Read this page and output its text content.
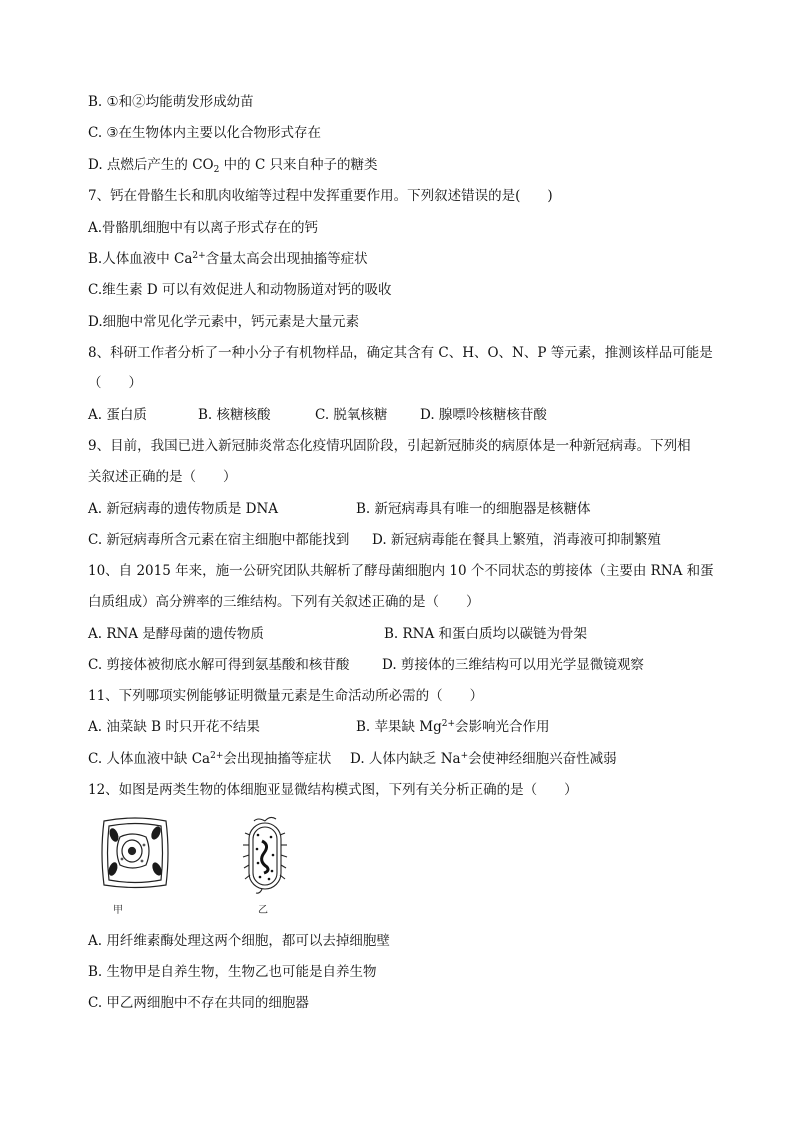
B. ①和②均能萌发形成幼苗
C. ③在生物体内主要以化合物形式存在
D. 点燃后产生的 $CO_2$ 中的 C 只来自种子的糖类
7、钙在骨骼生长和肌肉收缩等过程中发挥重要作用。下列叙述错误的是(　　)
A.骨骼肌细胞中有以离子形式存在的钙
B.人体血液中 $Ca^{2+}$含量太高会出现抽搐等症状
C.维生素 D 可以有效促进人和动物肠道对钙的吸收
D.细胞中常见化学元素中，钙元素是大量元素
8、科研工作者分析了一种小分子有机物样品，确定其含有 C、H、O、N、P 等元素，推测该样品可能是
（　　）
A. 蛋白质	B. 核糖核酸	C. 脱氧核糖 D. 腺嘌呤核糖核苷酸
9、目前，我国已进入新冠肺炎常态化疫情巩固阶段，引起新冠肺炎的病原体是一种新冠病毒。下列相
关叙述正确的是（　　）
A. 新冠病毒的遗传物质是 DNA	B. 新冠病毒具有唯一的细胞器是核糖体
C. 新冠病毒所含元素在宿主细胞中都能找到 D. 新冠病毒能在餐具上繁殖，消毒液可抑制繁殖
10、自 2015 年来，施一公研究团队共解析了酵母菌细胞内 10 个不同状态的剪接体（主要由 RNA 和蛋
白质组成）高分辨率的三维结构。下列有关叙述正确的是（　　）
A. RNA 是酵母菌的遗传物质	B. RNA 和蛋白质均以碳链为骨架
C. 剪接体被彻底水解可得到氨基酸和核苷酸 D. 剪接体的三维结构可以用光学显微镜观察
11、下列哪项实例能够证明微量元素是生命活动所必需的（　　）
A. 油菜缺 B 时只开花不结果	B. 苹果缺 $Mg^{2+}$会影响光合作用
C. 人体血液中缺 $Ca^{2+}$会出现抽搐等症状 D. 人体内缺乏 Na+会使神经细胞兴奋性减弱
12、如图是两类生物的体细胞亚显微结构模式图，下列有关分析正确的是（　　）
甲	乙
A. 用纤维素酶处理这两个细胞，都可以去掉细胞壁
B. 生物甲是自养生物，生物乙也可能是自养生物
C. 甲乙两细胞中不存在共同的细胞器
